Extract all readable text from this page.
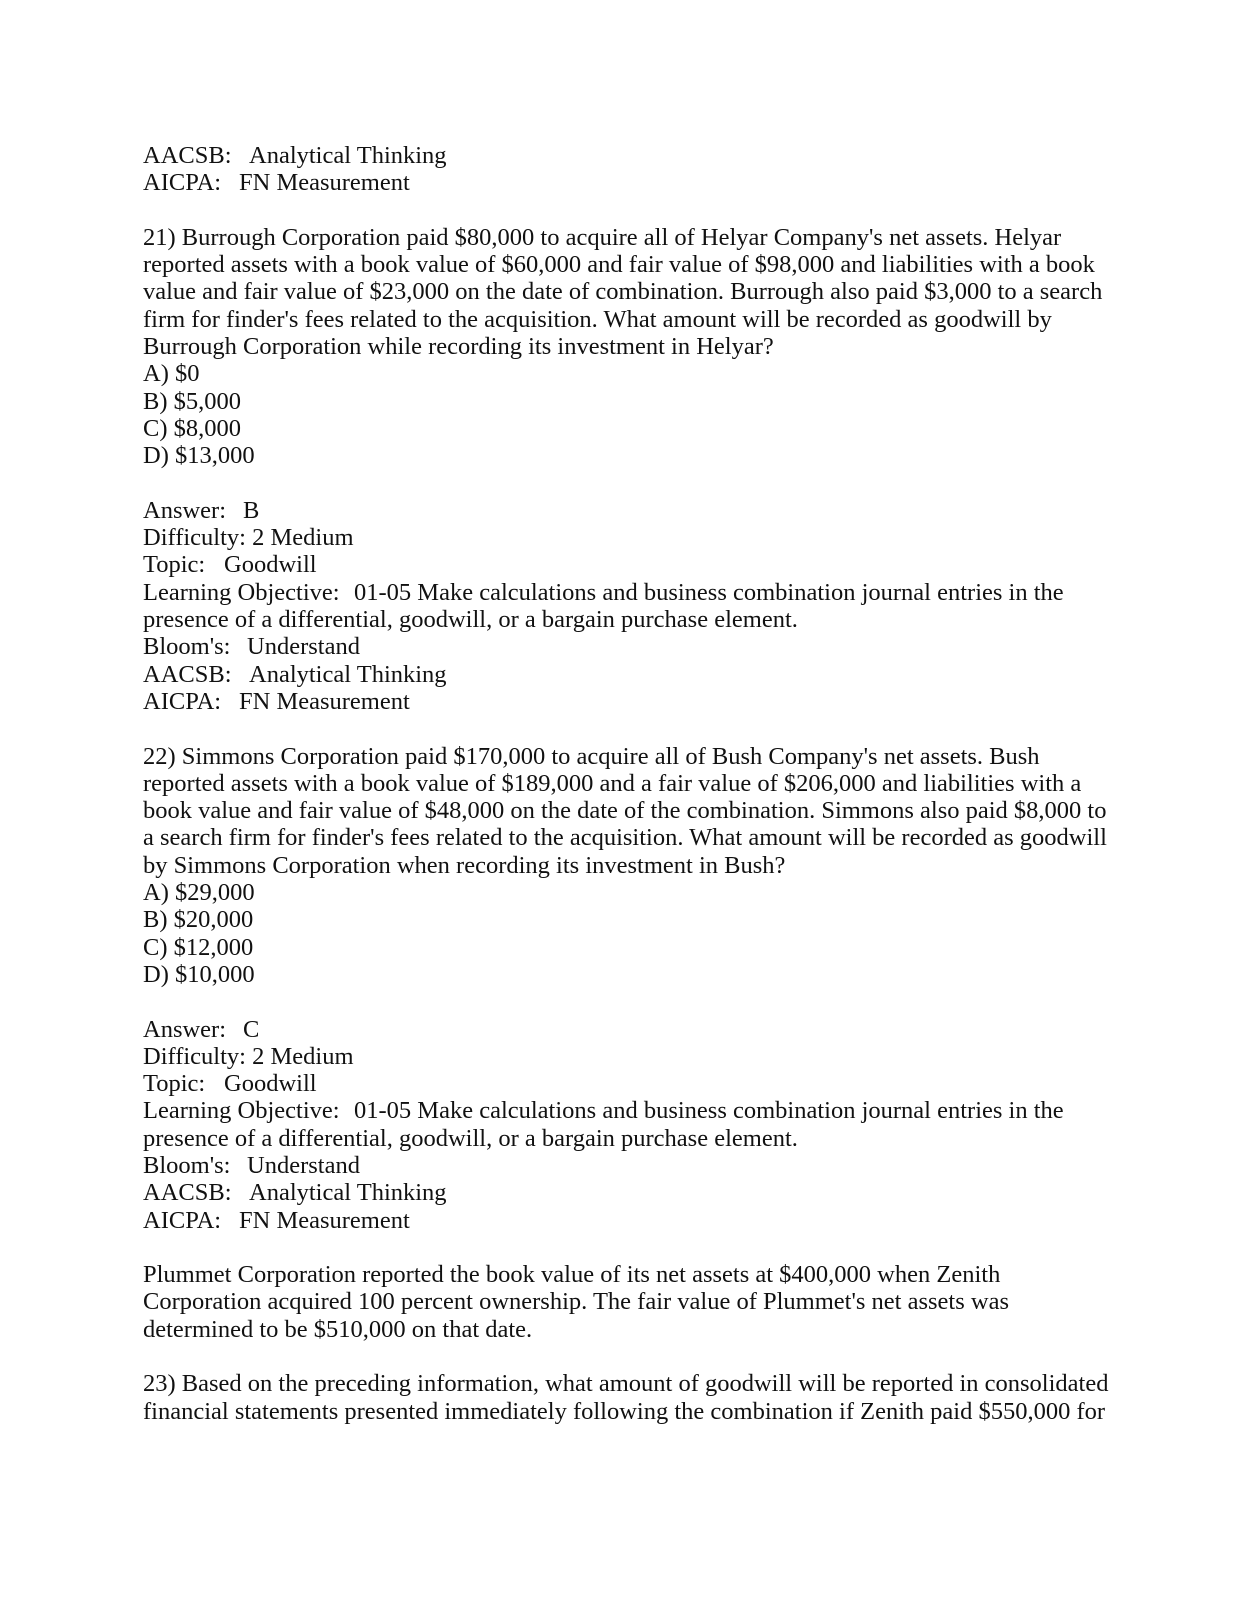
AACSB: Analytical Thinking
AICPA: FN Measurement
21) Burrough Corporation paid $80,000 to acquire all of Helyar Company's net assets. Helyar
reported assets with a book value of $60,000 and fair value of $98,000 and liabilities with a book
value and fair value of $23,000 on the date of combination. Burrough also paid $3,000 to a search
firm for finder's fees related to the acquisition. What amount will be recorded as goodwill by
Burrough Corporation while recording its investment in Helyar?
A) $0
B) $5,000
C) $8,000
D) $13,000
Answer: B
Difficulty: 2 Medium
Topic: Goodwill
Learning Objective: 01-05 Make calculations and business combination journal entries in the
presence of a differential, goodwill, or a bargain purchase element.
Bloom's: Understand
AACSB: Analytical Thinking
AICPA: FN Measurement
22) Simmons Corporation paid $170,000 to acquire all of Bush Company's net assets. Bush
reported assets with a book value of $189,000 and a fair value of $206,000 and liabilities with a
book value and fair value of $48,000 on the date of the combination. Simmons also paid $8,000 to
a search firm for finder's fees related to the acquisition. What amount will be recorded as goodwill
by Simmons Corporation when recording its investment in Bush?
A) $29,000
B) $20,000
C) $12,000
D) $10,000
Answer: C
Difficulty: 2 Medium
Topic: Goodwill
Learning Objective: 01-05 Make calculations and business combination journal entries in the
presence of a differential, goodwill, or a bargain purchase element.
Bloom's: Understand
AACSB: Analytical Thinking
AICPA: FN Measurement
Plummet Corporation reported the book value of its net assets at $400,000 when Zenith
Corporation acquired 100 percent ownership. The fair value of Plummet's net assets was
determined to be $510,000 on that date.
23) Based on the preceding information, what amount of goodwill will be reported in consolidated
financial statements presented immediately following the combination if Zenith paid $550,000 for
